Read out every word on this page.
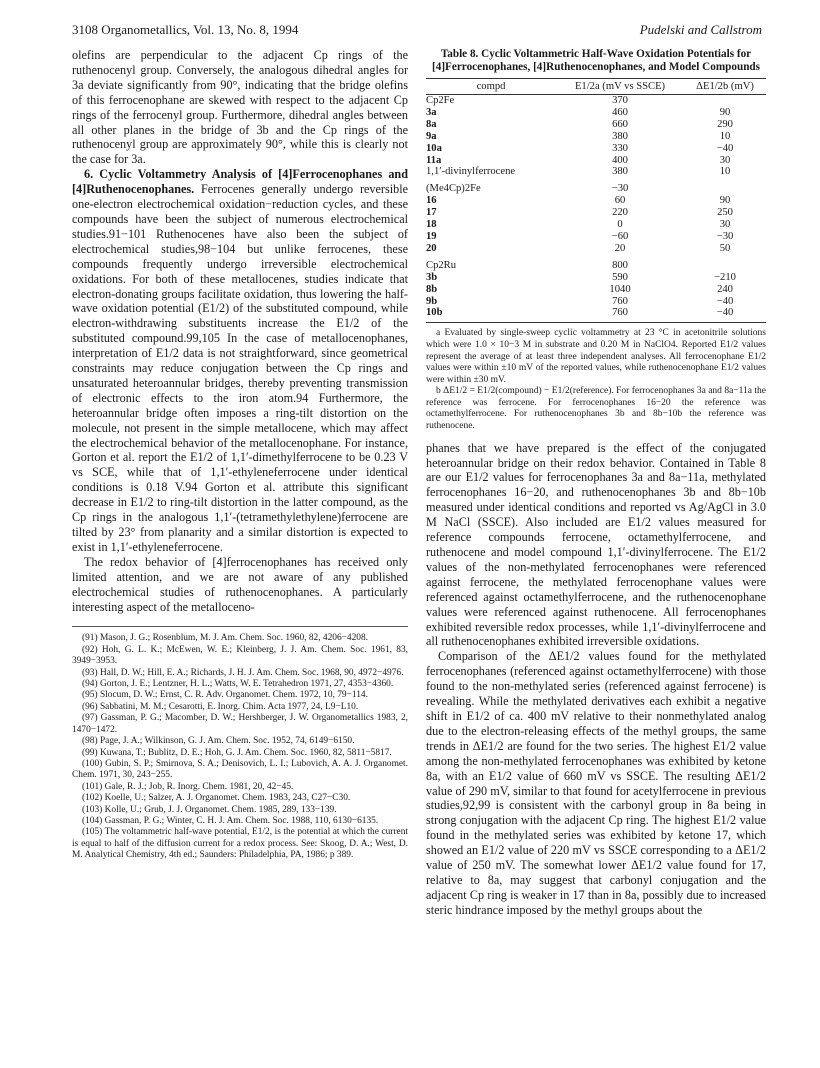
3108 Organometallics, Vol. 13, No. 8, 1994	Pudelski and Callstrom

olefins are perpendicular to the adjacent Cp rings of the ruthenocenyl group. Conversely, the analogous dihedral angles for 3a deviate significantly from 90°, indicating that the bridge olefins of this ferrocenophane are skewed with respect to the adjacent Cp rings of the ferrocenyl group. Furthermore, dihedral angles between all other planes in the bridge of 3b and the Cp rings of the ruthenocenyl group are approximately 90°, while this is clearly not the case for 3a.

6. Cyclic Voltammetry Analysis of [4]Ferrocenophanes and [4]Ruthenocenophanes. Ferrocenes generally undergo reversible one-electron electrochemical oxidation−reduction cycles, and these compounds have been the subject of numerous electrochemical studies.91−101 Ruthenocenes have also been the subject of electrochemical studies,98−104 but unlike ferrocenes, these compounds frequently undergo irreversible electrochemical oxidations. For both of these metallocenes, studies indicate that electron-donating groups facilitate oxidation, thus lowering the half-wave oxidation potential (E1/2) of the substituted compound, while electron-withdrawing substituents increase the E1/2 of the substituted compound.99,105 In the case of metallocenophanes, interpretation of E1/2 data is not straightforward, since geometrical constraints may reduce conjugation between the Cp rings and unsaturated heteroannular bridges, thereby preventing transmission of electronic effects to the iron atom.94 Furthermore, the heteroannular bridge often imposes a ring-tilt distortion on the molecule, not present in the simple metallocene, which may affect the electrochemical behavior of the metallocenophane. For instance, Gorton et al. report the E1/2 of 1,1′-dimethylferrocene to be 0.23 V vs SCE, while that of 1,1′-ethyleneferrocene under identical conditions is 0.18 V.94 Gorton et al. attribute this significant decrease in E1/2 to ring-tilt distortion in the latter compound, as the Cp rings in the analogous 1,1′-(tetramethylethylene)ferrocene are tilted by 23° from planarity and a similar distortion is expected to exist in 1,1′-ethyleneferrocene.

The redox behavior of [4]ferrocenophanes has received only limited attention, and we are not aware of any published electrochemical studies of ruthenocenophanes. A particularly interesting aspect of the metalloceno-

(91) Mason, J. G.; Rosenblum, M. J. Am. Chem. Soc. 1960, 82, 4206−4208.

(92) Hoh, G. L. K.; McEwen, W. E.; Kleinberg, J. J. Am. Chem. Soc. 1961, 83, 3949−3953.

(93) Hall, D. W.; Hill, E. A.; Richards, J. H. J. Am. Chem. Soc. 1968, 90, 4972−4976.

(94) Gorton, J. E.; Lentzner, H. L.; Watts, W. E. Tetrahedron 1971, 27, 4353−4360.

(95) Slocum, D. W.; Ernst, C. R. Adv. Organomet. Chem. 1972, 10, 79−114.

(96) Sabbatini, M. M.; Cesarotti, E. Inorg. Chim. Acta 1977, 24, L9−L10.

(97) Gassman, P. G.; Macomber, D. W.; Hershberger, J. W. Organometallics 1983, 2, 1470−1472.

(98) Page, J. A.; Wilkinson, G. J. Am. Chem. Soc. 1952, 74, 6149−6150.

(99) Kuwana, T.; Bublitz, D. E.; Hoh, G. J. Am. Chem. Soc. 1960, 82, 5811−5817.

(100) Gubin, S. P.; Smirnova, S. A.; Denisovich, L. I.; Lubovich, A. A. J. Organomet. Chem. 1971, 30, 243−255.

(101) Gale, R. J.; Job, R. Inorg. Chem. 1981, 20, 42−45.

(102) Koelle, U.; Salzer, A. J. Organomet. Chem. 1983, 243, C27−C30.

(103) Kolle, U.; Grub, J. J. Organomet. Chem. 1985, 289, 133−139.

(104) Gassman, P. G.; Winter, C. H. J. Am. Chem. Soc. 1988, 110, 6130−6135.

(105) The voltammetric half-wave potential, E1/2, is the potential at which the current is equal to half of the diffusion current for a redox process. See: Skoog, D. A.; West, D. M. Analytical Chemistry, 4th ed.; Saunders: Philadelphia, PA, 1986; p 389.

Table 8. Cyclic Voltammetric Half-Wave Oxidation Potentials for [4]Ferrocenophanes, [4]Ruthenocenophanes, and Model Compounds

compd	E1/2a (mV vs SSCE)	ΔE1/2b (mV)
Cp2Fe	370	
3a	460	90
8a	660	290
9a	380	10
10a	330	−40
11a	400	30
1,1′-divinylferrocene	380	10
(Me4Cp)2Fe	−30	
16	60	90
17	220	250
18	0	30
19	−60	−30
20	20	50
Cp2Ru	800	
3b	590	−210
8b	1040	240
9b	760	−40
10b	760	−40

a Evaluated by single-sweep cyclic voltammetry at 23 °C in acetonitrile solutions which were 1.0 × 10−3 M in substrate and 0.20 M in NaClO4. Reported E1/2 values represent the average of at least three independent analyses. All ferrocenophane E1/2 values were within ±10 mV of the reported values, while ruthenocenophane E1/2 values were within ±30 mV.

b ΔE1/2 = E1/2(compound) − E1/2(reference). For ferrocenophanes 3a and 8a−11a the reference was ferrocene. For ferrocenophanes 16−20 the reference was octamethylferrocene. For ruthenocenophanes 3b and 8b−10b the reference was ruthenocene.

phanes that we have prepared is the effect of the conjugated heteroannular bridge on their redox behavior. Contained in Table 8 are our E1/2 values for ferrocenophanes 3a and 8a−11a, methylated ferrocenophanes 16−20, and ruthenocenophanes 3b and 8b−10b measured under identical conditions and reported vs Ag/AgCl in 3.0 M NaCl (SSCE). Also included are E1/2 values measured for reference compounds ferrocene, octamethylferrocene, and ruthenocene and model compound 1,1′-divinylferrocene. The E1/2 values of the non-methylated ferrocenophanes were referenced against ferrocene, the methylated ferrocenophane values were referenced against octamethylferrocene, and the ruthenocenophane values were referenced against ruthenocene. All ferrocenophanes exhibited reversible redox processes, while 1,1′-divinylferrocene and all ruthenocenophanes exhibited irreversible oxidations.

Comparison of the ΔE1/2 values found for the methylated ferrocenophanes (referenced against octamethylferrocene) with those found to the non-methylated series (referenced against ferrocene) is revealing. While the methylated derivatives each exhibit a negative shift in E1/2 of ca. 400 mV relative to their nonmethylated analog due to the electron-releasing effects of the methyl groups, the same trends in ΔE1/2 are found for the two series. The highest E1/2 value among the non-methylated ferrocenophanes was exhibited by ketone 8a, with an E1/2 value of 660 mV vs SSCE. The resulting ΔE1/2 value of 290 mV, similar to that found for acetylferrocene in previous studies,92,99 is consistent with the carbonyl group in 8a being in strong conjugation with the adjacent Cp ring. The highest E1/2 value found in the methylated series was exhibited by ketone 17, which showed an E1/2 value of 220 mV vs SSCE corresponding to a ΔE1/2 value of 250 mV. The somewhat lower ΔE1/2 value found for 17, relative to 8a, may suggest that carbonyl conjugation and the adjacent Cp ring is weaker in 17 than in 8a, possibly due to increased steric hindrance imposed by the methyl groups about the
